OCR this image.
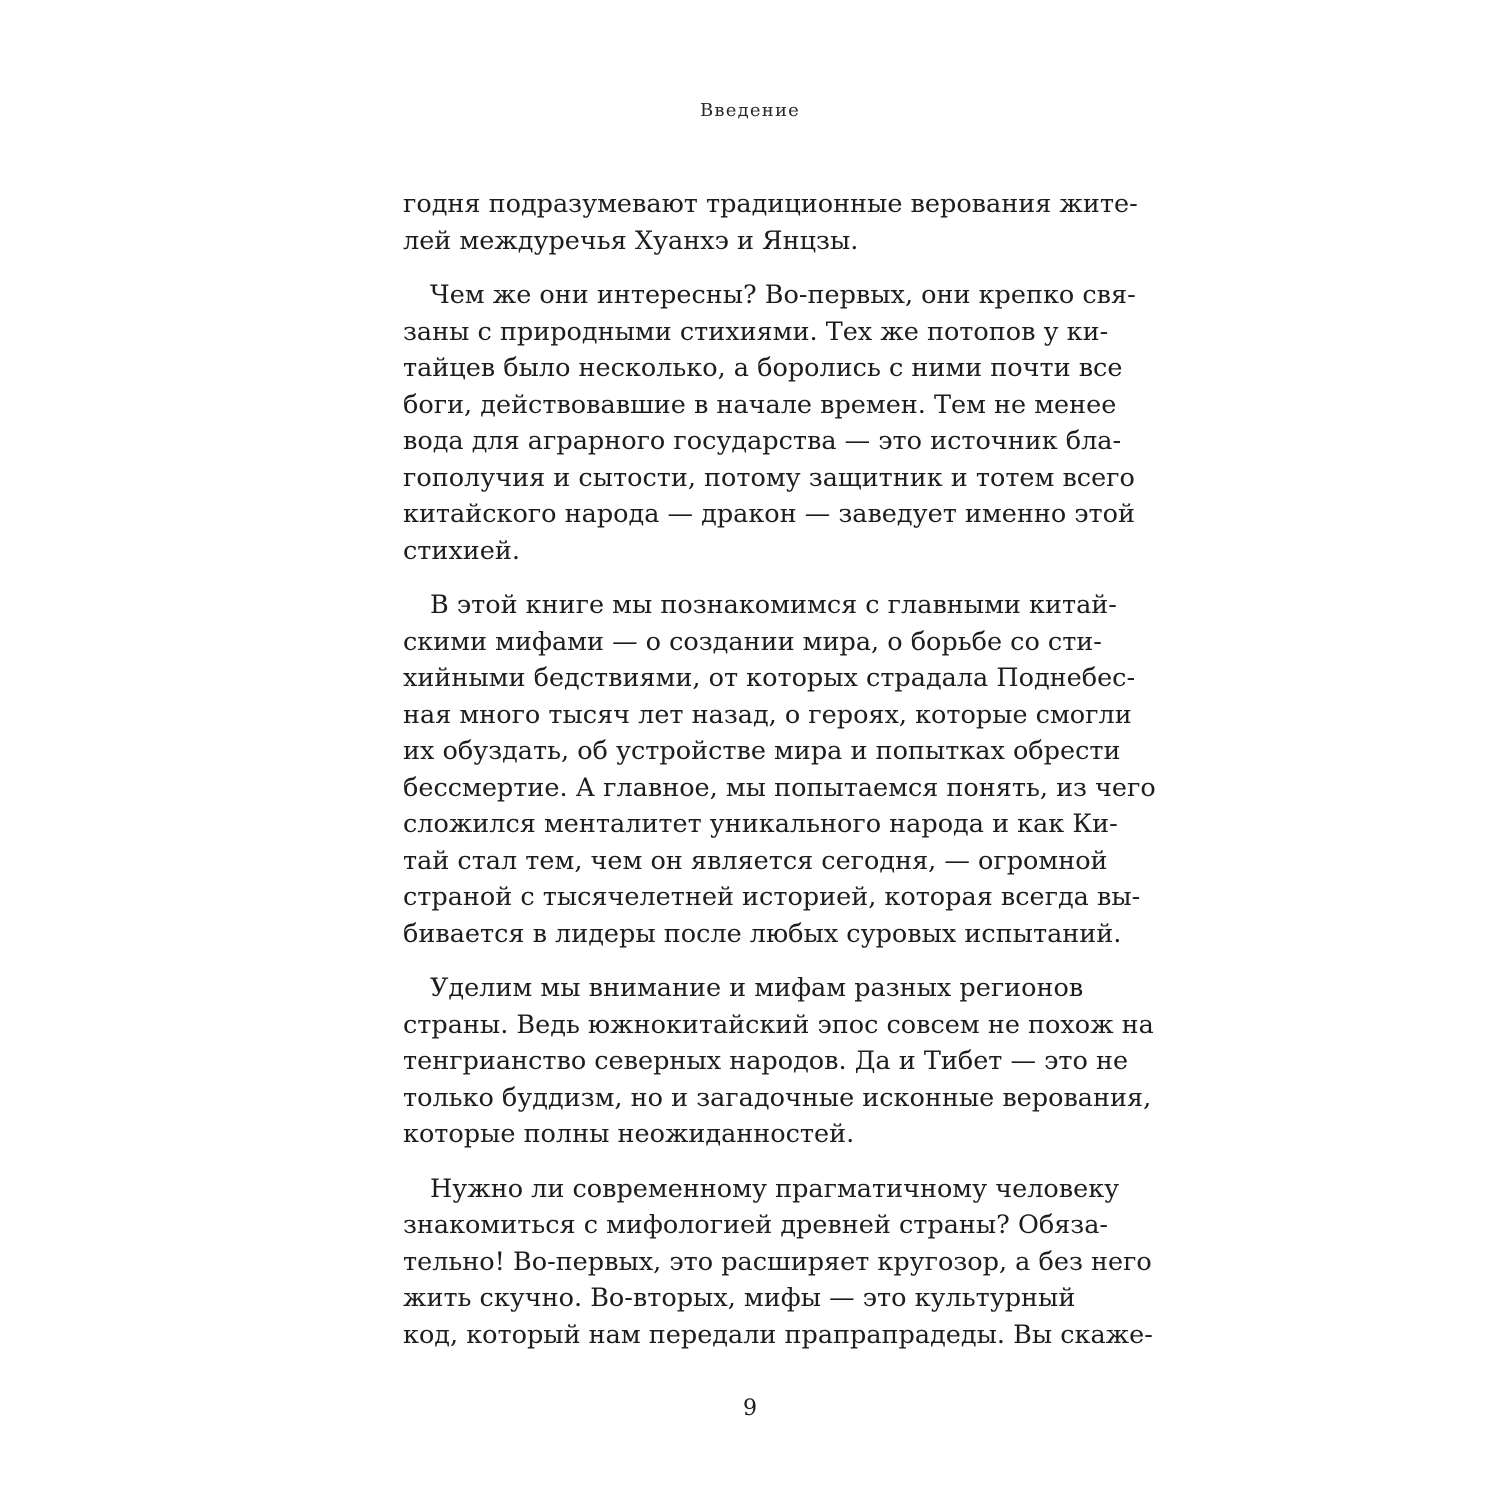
Введение
годня подразумевают традиционные верования жите-
лей междуречья Хуанхэ и Янцзы.
Чем же они интересны? Во-первых, они крепко свя-
заны с природными стихиями. Тех же потопов у ки-
тайцев было несколько, а боролись с ними почти все
боги, действовавшие в начале времен. Тем не менее
вода для аграрного государства — это источник бла-
гополучия и сытости, потому защитник и тотем всего
китайского народа — дракон — заведует именно этой
стихией.
В этой книге мы познакомимся с главными китай-
скими мифами — о создании мира, о борьбе со сти-
хийными бедствиями, от которых страдала Поднебес-
ная много тысяч лет назад, о героях, которые смогли
их обуздать, об устройстве мира и попытках обрести
бессмертие. А главное, мы попытаемся понять, из чего
сложился менталитет уникального народа и как Ки-
тай стал тем, чем он является сегодня, — огромной
страной с тысячелетней историей, которая всегда вы-
бивается в лидеры после любых суровых испытаний.
Уделим мы внимание и мифам разных регионов
страны. Ведь южнокитайский эпос совсем не похож на
тенгрианство северных народов. Да и Тибет — это не
только буддизм, но и загадочные исконные верования,
которые полны неожиданностей.
Нужно ли современному прагматичному человеку
знакомиться с мифологией древней страны? Обяза-
тельно! Во-первых, это расширяет кругозор, а без него
жить скучно. Во-вторых, мифы — это культурный
код, который нам передали прапрапрадеды. Вы скаже-
9
